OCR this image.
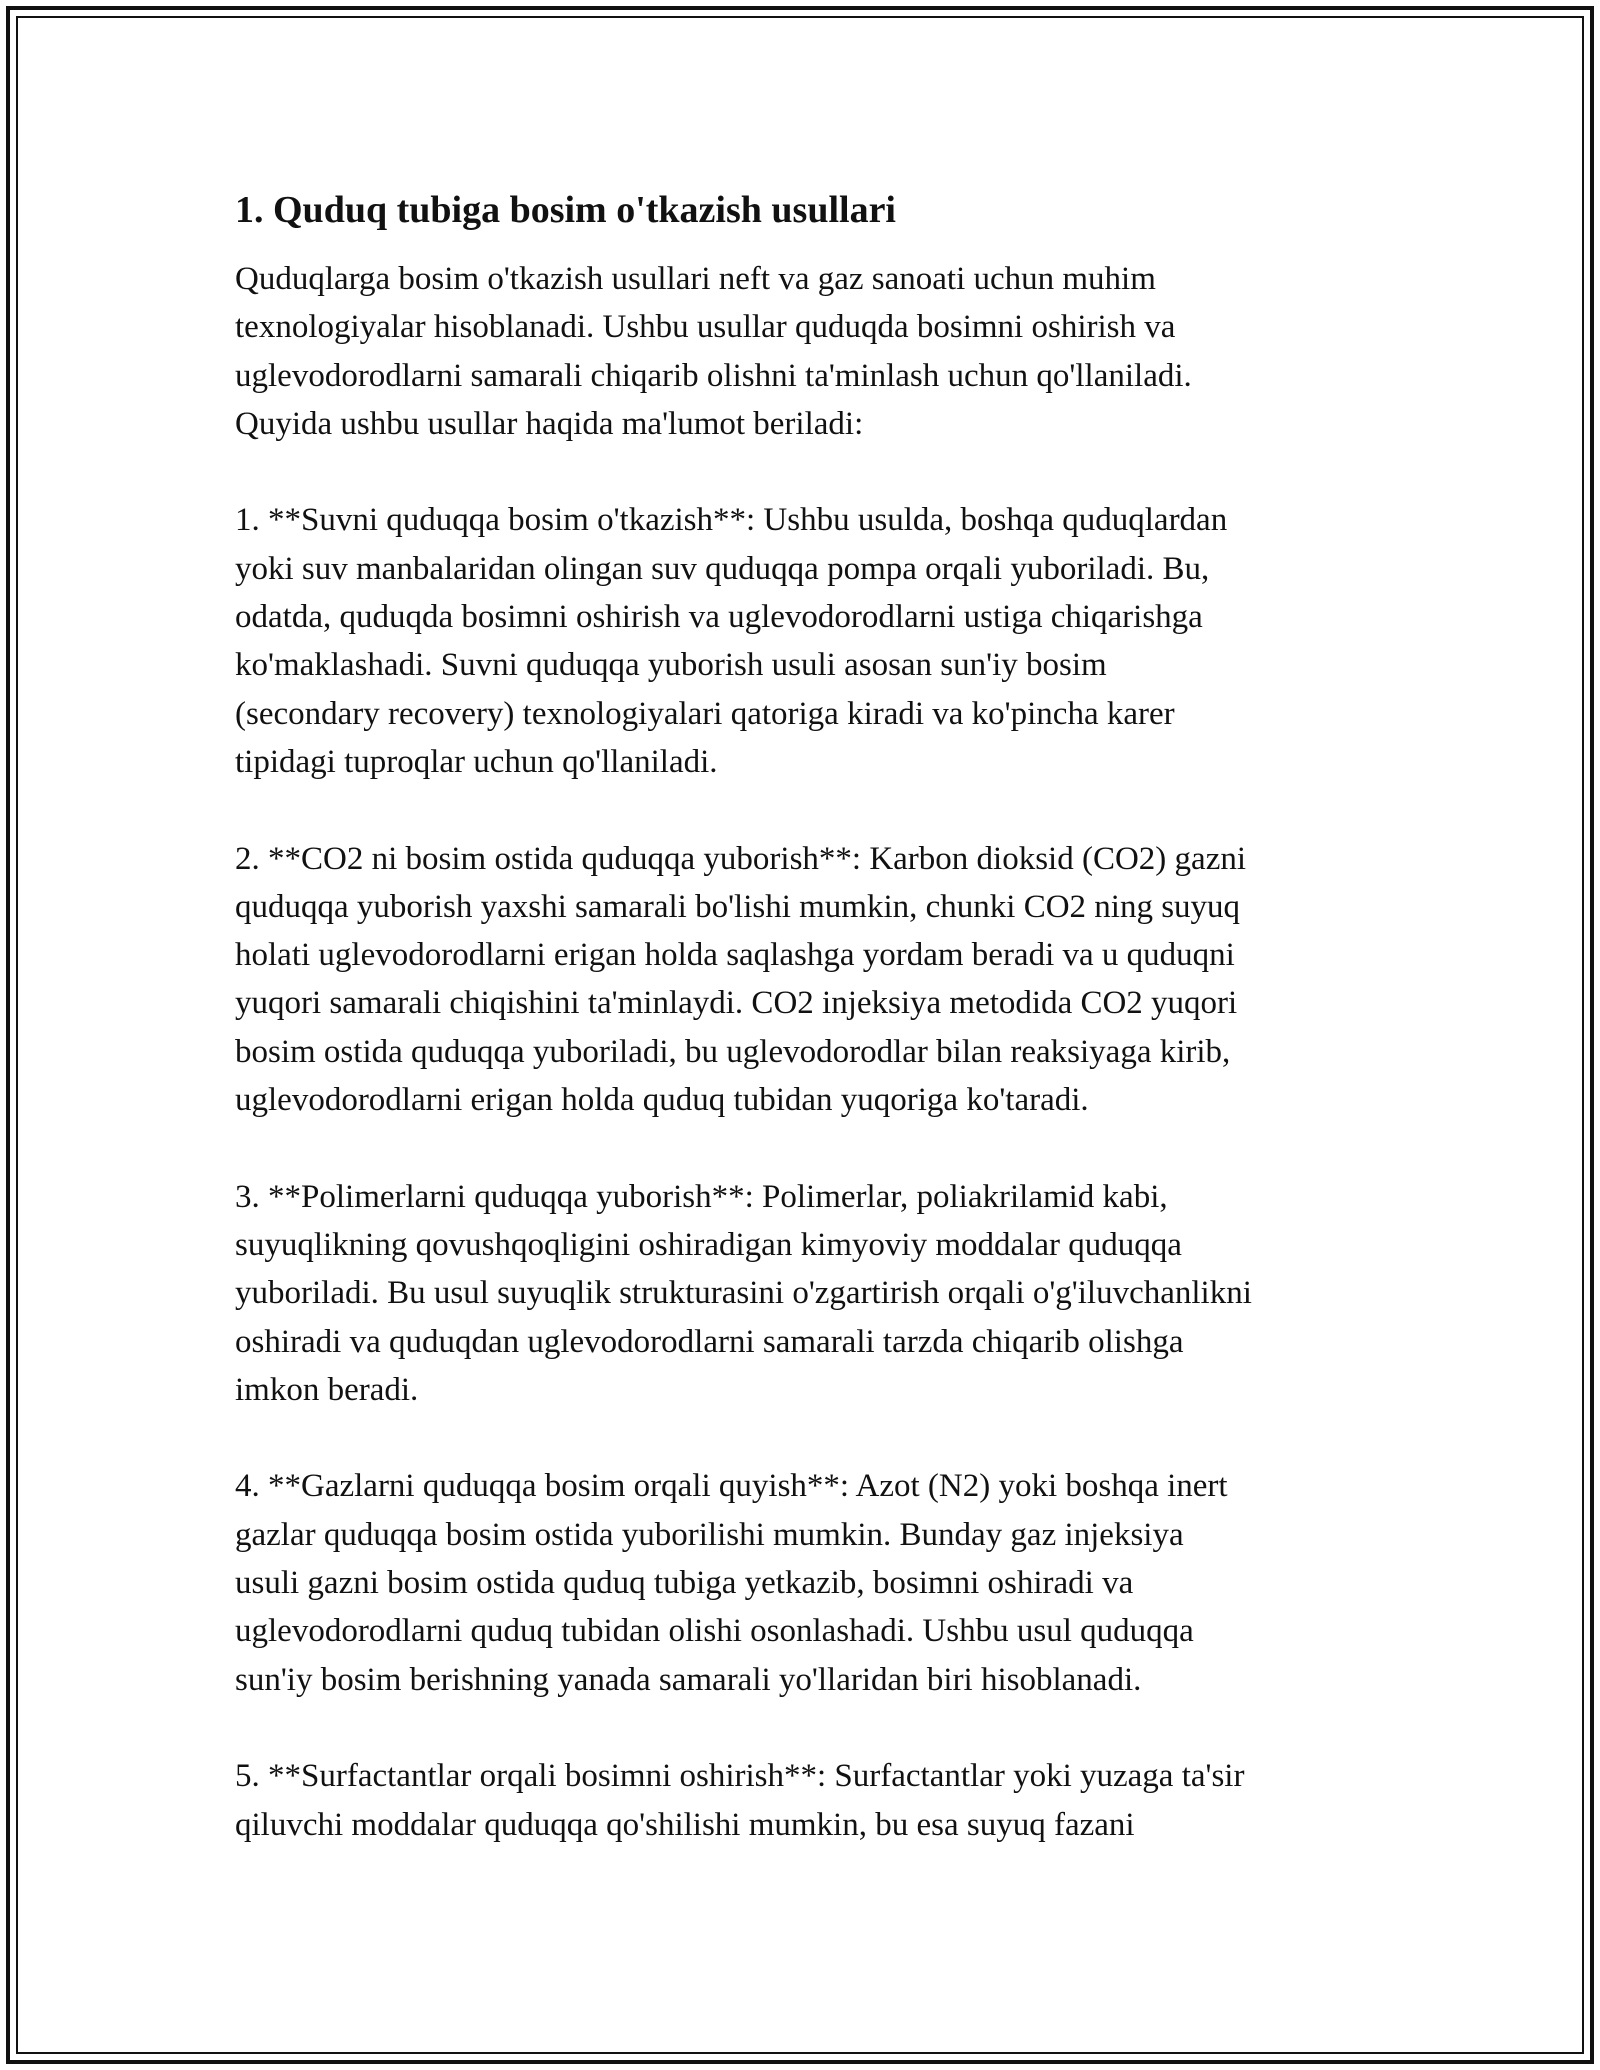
1. Quduq tubiga bosim o'tkazish usullari

Quduqlarga bosim o'tkazish usullari neft va gaz sanoati uchun muhim
texnologiyalar hisoblanadi. Ushbu usullar quduqda bosimni oshirish va
uglevodorodlarni samarali chiqarib olishni ta'minlash uchun qo'llaniladi.
Quyida ushbu usullar haqida ma'lumot beriladi:

1. **Suvni quduqqa bosim o'tkazish**: Ushbu usulda, boshqa quduqlardan
yoki suv manbalaridan olingan suv quduqqa pompa orqali yuboriladi. Bu,
odatda, quduqda bosimni oshirish va uglevodorodlarni ustiga chiqarishga
ko'maklashadi. Suvni quduqqa yuborish usuli asosan sun'iy bosim
(secondary recovery) texnologiyalari qatoriga kiradi va ko'pincha karer
tipidagi tuproqlar uchun qo'llaniladi.

2. **CO2 ni bosim ostida quduqqa yuborish**: Karbon dioksid (CO2) gazni
quduqqa yuborish yaxshi samarali bo'lishi mumkin, chunki CO2 ning suyuq
holati uglevodorodlarni erigan holda saqlashga yordam beradi va u quduqni
yuqori samarali chiqishini ta'minlaydi. CO2 injeksiya metodida CO2 yuqori
bosim ostida quduqqa yuboriladi, bu uglevodorodlar bilan reaksiyaga kirib,
uglevodorodlarni erigan holda quduq tubidan yuqoriga ko'taradi.

3. **Polimerlarni quduqqa yuborish**: Polimerlar, poliakrilamid kabi,
suyuqlikning qovushqoqligini oshiradigan kimyoviy moddalar quduqqa
yuboriladi. Bu usul suyuqlik strukturasini o'zgartirish orqali o'g'iluvchanlikni
oshiradi va quduqdan uglevodorodlarni samarali tarzda chiqarib olishga
imkon beradi.

4. **Gazlarni quduqqa bosim orqali quyish**: Azot (N2) yoki boshqa inert
gazlar quduqqa bosim ostida yuborilishi mumkin. Bunday gaz injeksiya
usuli gazni bosim ostida quduq tubiga yetkazib, bosimni oshiradi va
uglevodorodlarni quduq tubidan olishi osonlashadi. Ushbu usul quduqqa
sun'iy bosim berishning yanada samarali yo'llaridan biri hisoblanadi.

5. **Surfactantlar orqali bosimni oshirish**: Surfactantlar yoki yuzaga ta'sir
qiluvchi moddalar quduqqa qo'shilishi mumkin, bu esa suyuq fazani
